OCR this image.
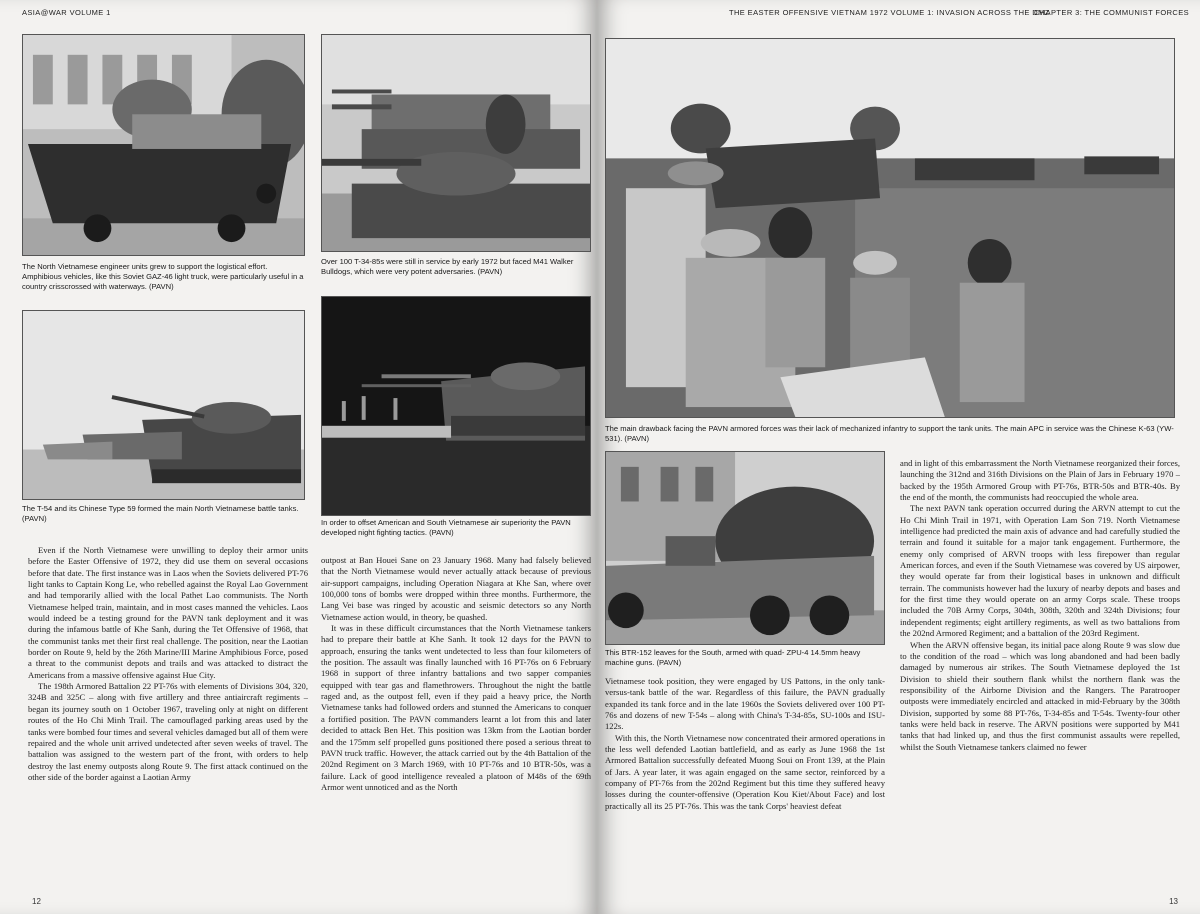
ASIA@WAR VOLUME 1
The North Vietnamese engineer units grew to support the logistical effort. Amphibious vehicles, like this Soviet GAZ-46 light truck, were particularly useful in a country crisscrossed with waterways. (PAVN)
Over 100 T-34-85s were still in service by early 1972 but faced M41 Walker Bulldogs, which were very potent adversaries. (PAVN)
The T-54 and its Chinese Type 59 formed the main North Vietnamese battle tanks. (PAVN)	In order to offset American and South Vietnamese air superiority the PAVN developed night fighting tactics. (PAVN)

Even if the North Vietnamese were unwilling to deploy their armor units before the Easter Offensive of 1972, they did use them on several occasions before that date. The first instance was in Laos when the Soviets delivered PT-76 light tanks to Captain Kong Le, who rebelled against the Royal Lao Government and had temporarily allied with the local Pathet Lao communists. The North Vietnamese helped train, maintain, and in most cases manned the vehicles. Laos would indeed be a testing ground for the PAVN tank deployment and it was during the infamous battle of Khe Sanh, during the Tet Offensive of 1968, that the communist tanks met their first real challenge. The position, near the Laotian border on Route 9, held by the 26th Marine/III Marine Amphibious Force, posed a threat to the communist depots and trails and was attacked to distract the Americans from a massive offensive against Hue City.

The 198th Armored Battalion 22 PT-76s with elements of Divisions 304, 320, 324B and 325C – along with five artillery and three antiaircraft regiments – began its journey south on 1 October 1967, traveling only at night on different routes of the Ho Chi Minh Trail. The camouflaged parking areas used by the tanks were bombed four times and several vehicles damaged but all of them were repaired and the whole unit arrived undetected after seven weeks of travel. The battalion was assigned to the western part of the front, with orders to help destroy the last enemy outposts along Route 9. The first attack continued on the other side of the border against a Laotian Army

outpost at Ban Houei Sane on 23 January 1968. Many had falsely believed that the North Vietnamese would never actually attack because of previous air-support campaigns, including Operation Niagara at Khe San, where over 100,000 tons of bombs were dropped within three months. Furthermore, the Lang Vei base was ringed by acoustic and seismic detectors so any North Vietnamese action would, in theory, be quashed.

It was in these difficult circumstances that the North Vietnamese tankers had to prepare their battle at Khe Sanh. It took 12 days for the PAVN to approach, ensuring the tanks went undetected to less than four kilometers of the position. The assault was finally launched with 16 PT-76s on 6 February 1968 in support of three infantry battalions and two sapper companies equipped with tear gas and flamethrowers. Throughout the night the battle raged and, as the outpost fell, even if they paid a heavy price, the North Vietnamese tanks had followed orders and stunned the Americans to conquer a fortified position. The PAVN commanders learnt a lot from this and later decided to attack Ben Het. This position was 13km from the Laotian border and the 175mm self propelled guns positioned there posed a serious threat to PAVN truck traffic. However, the attack carried out by the 4th Battalion of the 202nd Regiment on 3 March 1969, with 10 PT-76s and 10 BTR-50s, was a failure. Lack of good intelligence revealed a platoon of M48s of the 69th Armor went unnoticed and as the North

12
THE EASTER OFFENSIVE VIETNAM 1972 VOLUME 1: INVASION ACROSS THE DMZ
CHAPTER 3: THE COMMUNIST FORCES
The main drawback facing the PAVN armored forces was their lack of mechanized infantry to support the tank units. The main APC in service was the Chinese K-63 (YW-531). (PAVN)
This BTR-152 leaves for the South, armed with quad- ZPU-4 14.5mm heavy machine guns. (PAVN)

Vietnamese took position, they were engaged by US Pattons, in the only tank-versus-tank battle of the war. Regardless of this failure, the PAVN gradually expanded its tank force and in the late 1960s the Soviets delivered over 100 PT-76s and dozens of new T-54s – along with China's T-34-85s, SU-100s and ISU-122s.

With this, the North Vietnamese now concentrated their armored operations in the less well defended Laotian battlefield, and as early as June 1968 the 1st Armored Battalion successfully defeated Muong Soui on Front 139, at the Plain of Jars. A year later, it was again engaged on the same sector, reinforced by a company of PT-76s from the 202nd Regiment but this time they suffered heavy losses during the counter-offensive (Operation Kou Kiet/About Face) and lost practically all its 25 PT-76s. This was the tank Corps' heaviest defeat

and in light of this embarrassment the North Vietnamese reorganized their forces, launching the 312nd and 316th Divisions on the Plain of Jars in February 1970 – backed by the 195th Armored Group with PT-76s, BTR-50s and BTR-40s. By the end of the month, the communists had reoccupied the whole area.

The next PAVN tank operation occurred during the ARVN attempt to cut the Ho Chi Minh Trail in 1971, with Operation Lam Son 719. North Vietnamese intelligence had predicted the main axis of advance and had carefully studied the terrain and found it suitable for a major tank engagement. Furthermore, the enemy only comprised of ARVN troops with less firepower than regular American forces, and even if the South Vietnamese was covered by US airpower, they would operate far from their logistical bases in unknown and difficult terrain. The communists however had the luxury of nearby depots and bases and for the first time they would operate on an army Corps scale. These troops included the 70B Army Corps, 304th, 308th, 320th and 324th Divisions; four independent regiments; eight artillery regiments, as well as two battalions from the 202nd Armored Regiment; and a battalion of the 203rd Regiment.

When the ARVN offensive began, its initial pace along Route 9 was slow due to the condition of the road – which was long abandoned and had been badly damaged by numerous air strikes. The South Vietnamese deployed the 1st Division to shield their southern flank whilst the northern flank was the responsibility of the Airborne Division and the Rangers. The Paratrooper outposts were immediately encircled and attacked in mid-February by the 308th Division, supported by some 88 PT-76s, T-34-85s and T-54s. Twenty-four other tanks were held back in reserve. The ARVN positions were supported by M41 tanks that had linked up, and thus the first communist assaults were repelled, whilst the South Vietnamese tankers claimed no fewer

13
